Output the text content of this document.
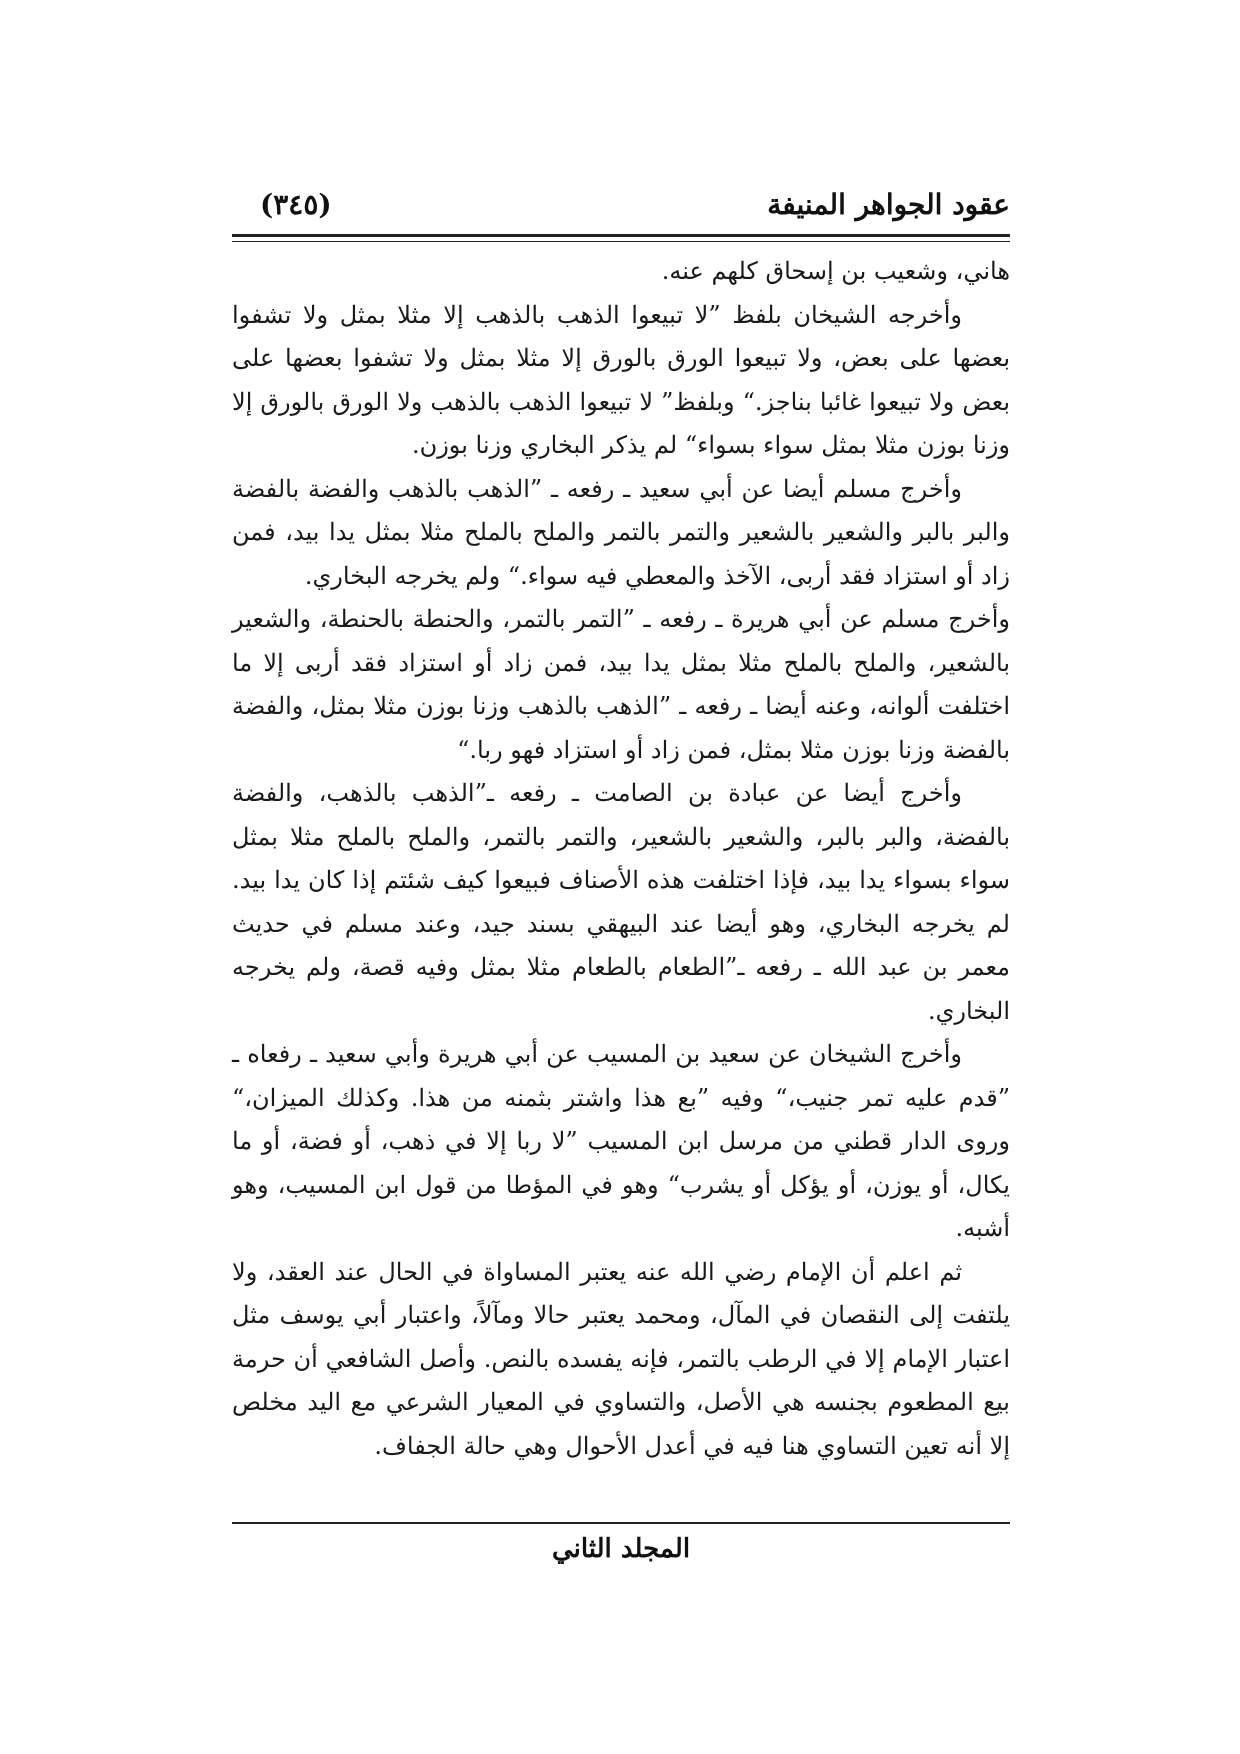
عقود الجواهر المنيفة
(٣٤٥)

هاني، وشعيب بن إسحاق كلهم عنه.

وأخرجه الشيخان بلفظ ”لا تبيعوا الذهب بالذهب إلا مثلا بمثل ولا تشفوا بعضها على بعض، ولا تبيعوا الورق بالورق إلا مثلا بمثل ولا تشفوا بعضها على بعض ولا تبيعوا غائبا بناجز.“ وبلفظ” لا تبيعوا الذهب بالذهب ولا الورق بالورق إلا وزنا بوزن مثلا بمثل سواء بسواء“ لم يذكر البخاري وزنا بوزن.

وأخرج مسلم أيضا عن أبي سعيد ـ رفعه ـ ”الذهب بالذهب والفضة بالفضة والبر بالبر والشعير بالشعير والتمر بالتمر والملح بالملح مثلا بمثل يدا بيد، فمن زاد أو استزاد فقد أربى، الآخذ والمعطي فيه سواء.“ ولم يخرجه البخاري.

وأخرج مسلم عن أبي هريرة ـ رفعه ـ ”التمر بالتمر، والحنطة بالحنطة، والشعير بالشعير، والملح بالملح مثلا بمثل يدا بيد، فمن زاد أو استزاد فقد أربى إلا ما اختلفت ألوانه، وعنه أيضا ـ رفعه ـ ”الذهب بالذهب وزنا بوزن مثلا بمثل، والفضة بالفضة وزنا بوزن مثلا بمثل، فمن زاد أو استزاد فهو ربا.“

وأخرج أيضا عن عبادة بن الصامت ـ رفعه ـ”الذهب بالذهب، والفضة بالفضة، والبر بالبر، والشعير بالشعير، والتمر بالتمر، والملح بالملح مثلا بمثل سواء بسواء يدا بيد، فإذا اختلفت هذه الأصناف فبيعوا كيف شئتم إذا كان يدا بيد. لم يخرجه البخاري، وهو أيضا عند البيهقي بسند جيد، وعند مسلم في حديث معمر بن عبد الله ـ رفعه ـ”الطعام بالطعام مثلا بمثل وفيه قصة، ولم يخرجه البخاري.

وأخرج الشيخان عن سعيد بن المسيب عن أبي هريرة وأبي سعيد ـ رفعاه ـ ”قدم عليه تمر جنيب،“ وفيه ”بع هذا واشتر بثمنه من هذا. وكذلك الميزان،“ وروى الدار قطني من مرسل ابن المسيب ”لا ربا إلا في ذهب، أو فضة، أو ما يكال، أو يوزن، أو يؤكل أو يشرب“ وهو في المؤطا من قول ابن المسيب، وهو أشبه.

ثم اعلم أن الإمام رضي الله عنه يعتبر المساواة في الحال عند العقد، ولا يلتفت إلى النقصان في المآل، ومحمد يعتبر حالا ومآلاً، واعتبار أبي يوسف مثل اعتبار الإمام إلا في الرطب بالتمر، فإنه يفسده بالنص. وأصل الشافعي أن حرمة بيع المطعوم بجنسه هي الأصل، والتساوي في المعيار الشرعي مع اليد مخلص إلا أنه تعين التساوي هنا فيه في أعدل الأحوال وهي حالة الجفاف.

المجلد الثاني
